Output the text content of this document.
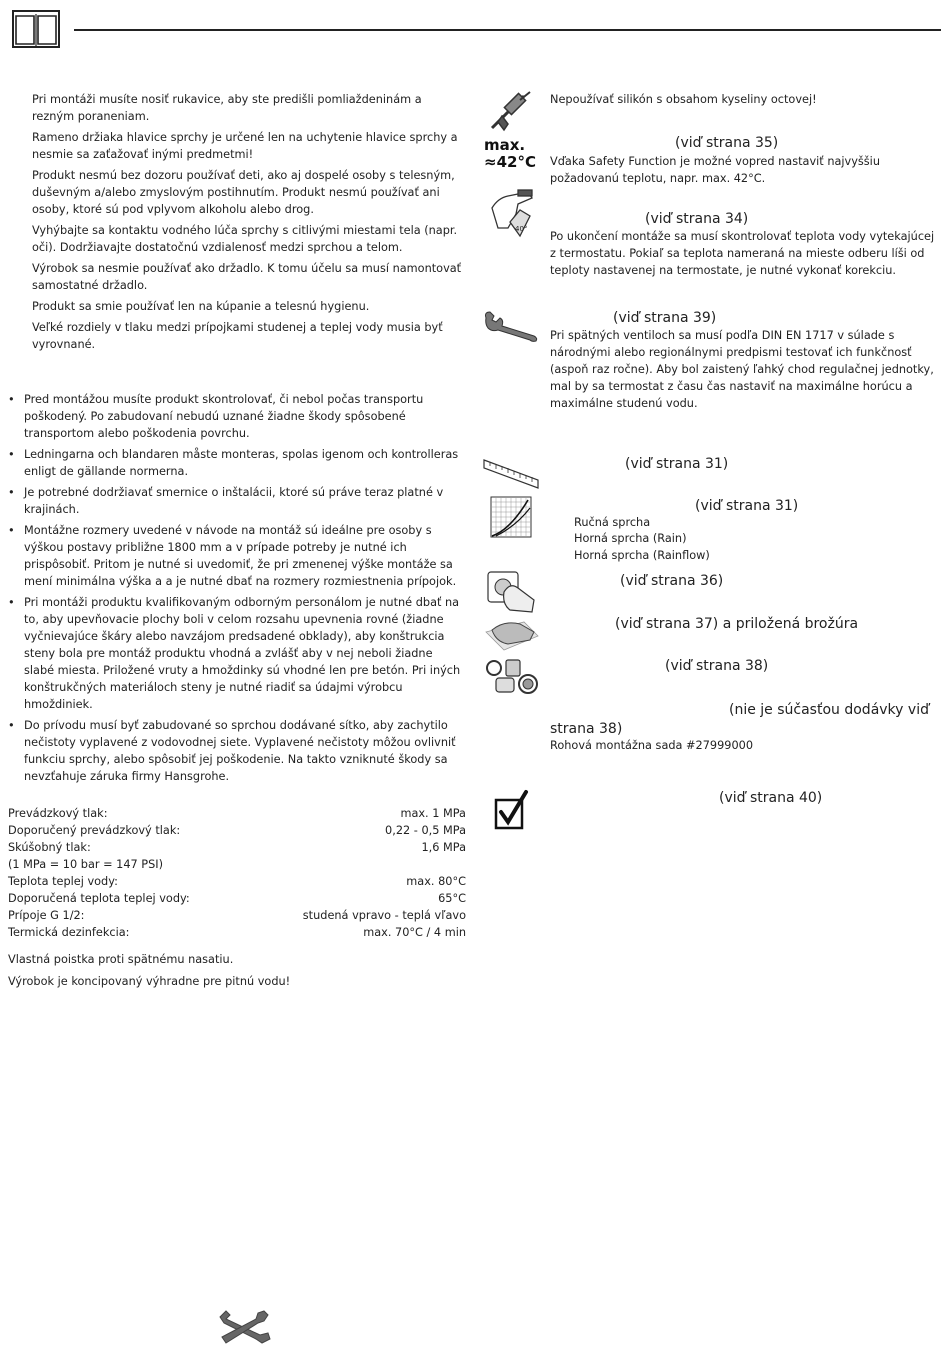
Pri montáži musíte nosiť rukavice, aby ste predišli pomliaždeninám a rezným poraneniam.

Rameno držiaka hlavice sprchy je určené len na uchytenie hlavice sprchy a nesmie sa zaťažovať inými predmetmi!

Produkt nesmú bez dozoru používať deti, ako aj dospelé osoby s telesným, duševným a/alebo zmyslovým postihnutím. Produkt nesmú používať ani osoby, ktoré sú pod vplyvom alkoholu alebo drog.

Vyhýbajte sa kontaktu vodného lúča sprchy s citlivými miestami tela (napr. oči). Dodržiavajte dostatočnú vzdialenosť medzi sprchou a telom.

Výrobok sa nesmie používať ako držadlo. K tomu účelu sa musí namontovať samostatné držadlo.

Produkt sa smie používať len na kúpanie a telesnú hygienu.

Veľké rozdiely v tlaku medzi prípojkami studenej a teplej vody musia byť vyrovnané.

• Pred montážou musíte produkt skontrolovať, či nebol počas transportu poškodený. Po zabudovaní nebudú uznané žiadne škody spôsobené transportom alebo poškodenia povrchu.
• Ledningarna och blandaren måste monteras, spolas igenom och kontrolleras enligt de gällande normerna.
• Je potrebné dodržiavať smernice o inštalácii, ktoré sú práve teraz platné v krajinách.
• Montážne rozmery uvedené v návode na montáž sú ideálne pre osoby s výškou postavy približne 1800 mm a v prípade potreby je nutné ich prispôsobiť. Pritom je nutné si uvedomiť, že pri zmenenej výške montáže sa mení minimálna výška a a je nutné dbať na rozmery rozmiestnenia prípojok.
• Pri montáži produktu kvalifikovaným odborným personálom je nutné dbať na to, aby upevňovacie plochy boli v celom rozsahu upevnenia rovné (žiadne vyčnievajúce škáry alebo navzájom predsadené obklady), aby konštrukcia steny bola pre montáž produktu vhodná a zvlášť aby v nej neboli žiadne slabé miesta. Priložené vruty a hmoždinky sú vhodné len pre betón. Pri iných konštrukčných materiáloch steny je nutné riadiť sa údajmi výrobcu hmoždiniek.
• Do prívodu musí byť zabudované so sprchou dodávané sítko, aby zachytilo nečistoty vyplavené z vodovodnej siete. Vyplavené nečistoty môžou ovlivniť funkciu sprchy, alebo spôsobiť jej poškodenie. Na takto vzniknuté škody sa nevzťahuje záruka firmy Hansgrohe.
Prevádzkový tlak:	max. 1 MPa
Doporučený prevádzkový tlak:	0,22 - 0,5 MPa
Skúšobný tlak:	1,6 MPa
(1 MPa = 10 bar = 147 PSI)
Teplota teplej vody:	max. 80°C
Doporučená teplota teplej vody:	65°C
Prípoje G 1/2:	studená vpravo - teplá vľavo
Termická dezinfekcia:	max. 70°C / 4 min
Vlastná poistka proti spätnému nasatiu.
Výrobok je koncipovaný výhradne pre pitnú vodu!
Nepoužívať silikón s obsahom kyseliny octovej!
max.
≈42°C
(viď strana 35)
Vďaka Safety Function je možné vopred nastaviť najvyššiu požadovanú teplotu, napr. max. 42°C.
40°
(viď strana 34)
Po ukončení montáže sa musí skontrolovať teplota vody vytekajúcej z termostatu. Pokiaľ sa teplota nameraná na mieste odberu líši od teploty nastavenej na termostate, je nutné vykonať korekciu.
(viď strana 39)
Pri spätných ventiloch sa musí podľa DIN EN 1717 v súlade s národnými alebo regionálnymi predpismi testovať ich funkčnosť (aspoň raz ročne). Aby bol zaistený ľahký chod regulačnej jednotky, mal by sa termostat z času čas nastaviť na maximálne horúcu a maximálne studenú vodu.
(viď strana 31)
(viď strana 31)
Ručná sprcha
Horná sprcha (Rain)
Horná sprcha (Rainflow)
(viď strana 36)
(viď strana 37) a priložená brožúra
(viď strana 38)
(nie je súčasťou dodávky viď
strana 38)
Rohová montážna sada #27999000
(viď strana 40)
